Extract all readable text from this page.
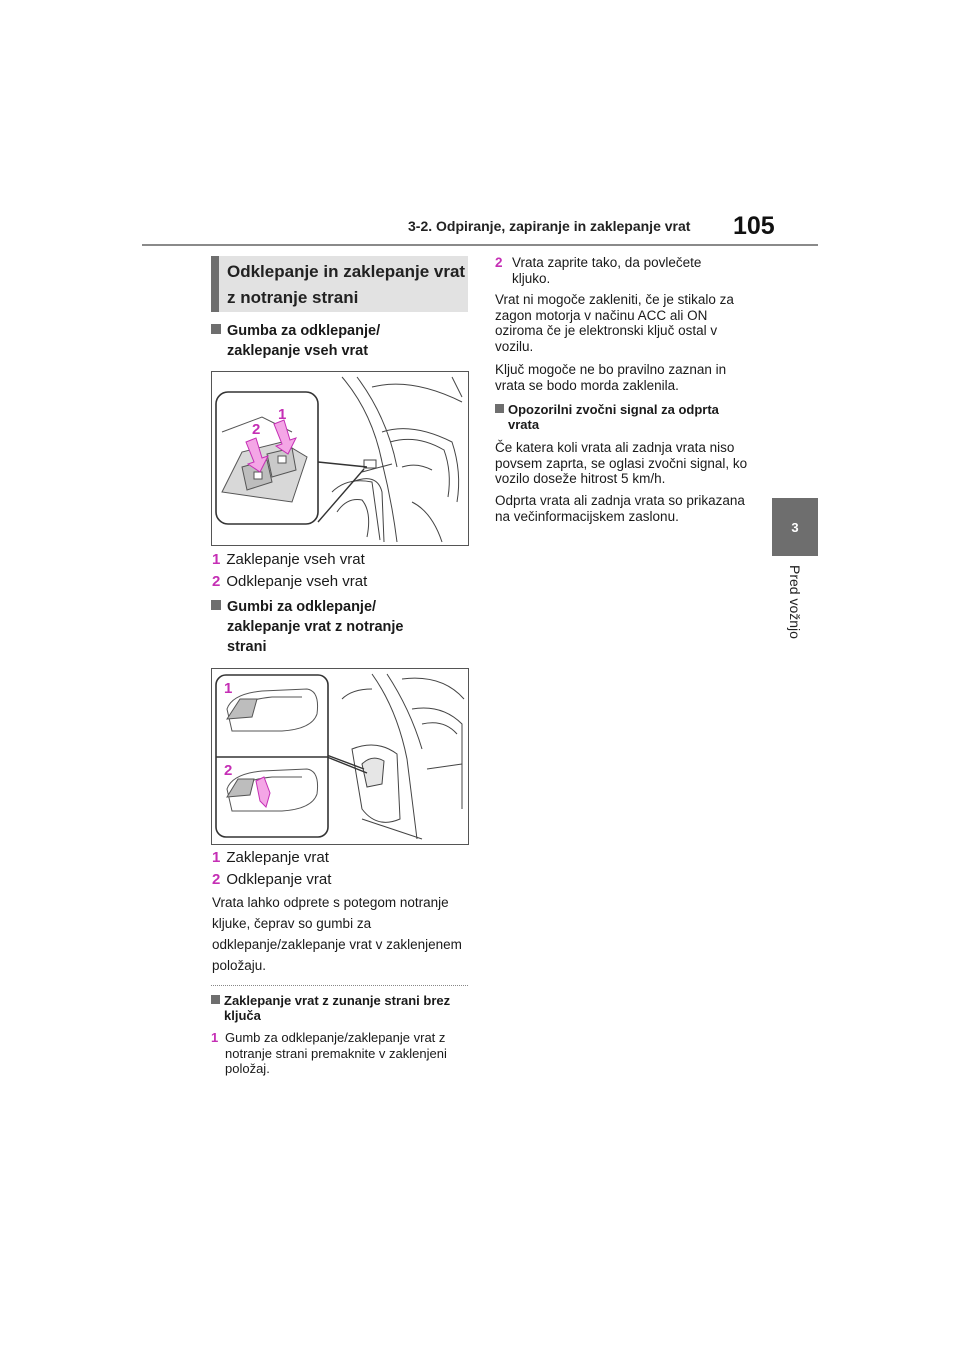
3-2. Odpiranje, zapiranje in zaklepanje vrat 105
3
Pred vožnjo
Odklepanje in zaklepanje vrat z notranje strani
Gumba za odklepanje/ zaklepanje vseh vrat
1
2
1 Zaklepanje vseh vrat
2 Odklepanje vseh vrat
Gumbi za odklepanje/ zaklepanje vrat z notranje strani
1
2
1 Zaklepanje vrat
2 Odklepanje vrat
Vrata lahko odprete s potegom notranje kljuke, čeprav so gumbi za odklepanje/zaklepanje vrat v zaklenjenem položaju.
Zaklepanje vrat z zunanje strani brez ključa
1 Gumb za odklepanje/zaklepanje vrat z notranje strani premaknite v zaklenjeni položaj.
2 Vrata zaprite tako, da povlečete kljuko.
Vrat ni mogoče zakleniti, če je stikalo za zagon motorja v načinu ACC ali ON oziroma če je elektronski ključ ostal v vozilu.
Ključ mogoče ne bo pravilno zaznan in vrata se bodo morda zaklenila.
Opozorilni zvočni signal za odprta vrata
Če katera koli vrata ali zadnja vrata niso povsem zaprta, se oglasi zvočni signal, ko vozilo doseže hitrost 5 km/h.
Odprta vrata ali zadnja vrata so prikazana na večinformacijskem zaslonu.
